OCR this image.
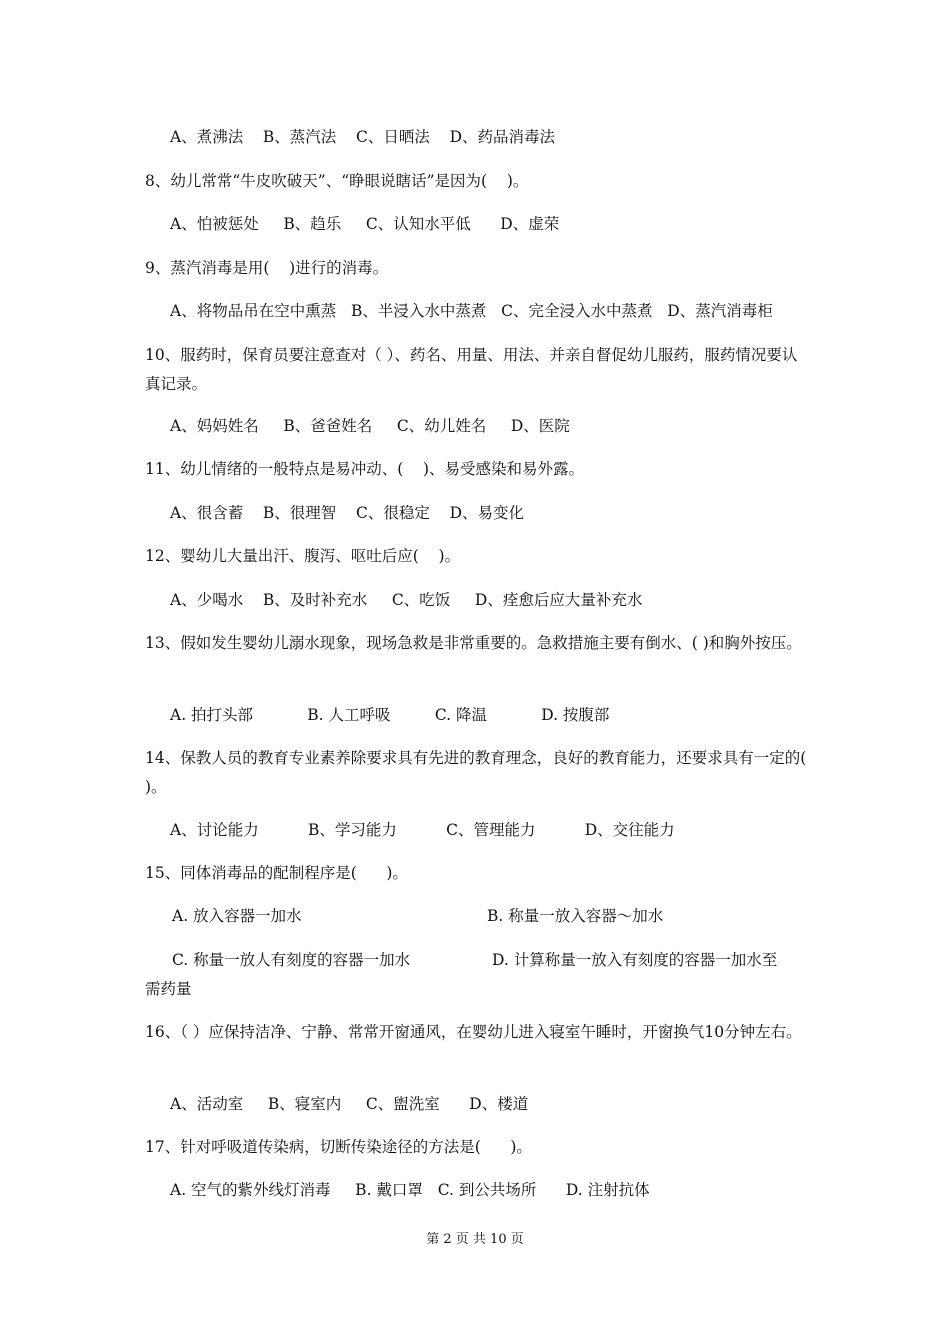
A、煮沸法    B、蒸汽法    C、日晒法    D、药品消毒法
8、幼儿常常“牛皮吹破天”、“睁眼说瞎话”是因为(    )。
A、怕被惩处     B、趋乐     C、认知水平低      D、虚荣
9、蒸汽消毒是用(    )进行的消毒。
A、将物品吊在空中熏蒸   B、半浸入水中蒸煮   C、完全浸入水中蒸煮   D、蒸汽消毒柜
10、服药时，保育员要注意查对（ ）、药名、用量、用法、并亲自督促幼儿服药，服药情况要认真记录。
A、妈妈姓名     B、爸爸姓名     C、幼儿姓名     D、医院
11、幼儿情绪的一般特点是易冲动、(    )、易受感染和易外露。
A、很含蓄    B、很理智    C、很稳定    D、易变化
12、婴幼儿大量出汗、腹泻、呕吐后应(    )。
A、少喝水    B、及时补充水     C、吃饭     D、痊愈后应大量补充水
13、假如发生婴幼儿溺水现象，现场急救是非常重要的。急救措施主要有倒水、( )和胸外按压。
A. 拍打头部           B. 人工呼吸         C. 降温           D. 按腹部
14、保教人员的教育专业素养除要求具有先进的教育理念，良好的教育能力，还要求具有一定的( )。
A、讨论能力          B、学习能力          C、管理能力          D、交往能力
15、同体消毒品的配制程序是(      )。
A. 放入容器一加水	B. 称量一放入容器～加水
C. 称量一放人有刻度的容器一加水	D. 计算称量一放入有刻度的容器一加水至
需药量
16、（ ）应保持洁净、宁静、常常开窗通风，在婴幼儿进入寝室午睡时，开窗换气10分钟左右。
A、活动室     B、寝室内     C、盥洗室      D、楼道
17、针对呼吸道传染病，切断传染途径的方法是(      )。
A. 空气的紫外线灯消毒     B. 戴口罩   C. 到公共场所      D. 注射抗体
第 2 页 共 10 页
